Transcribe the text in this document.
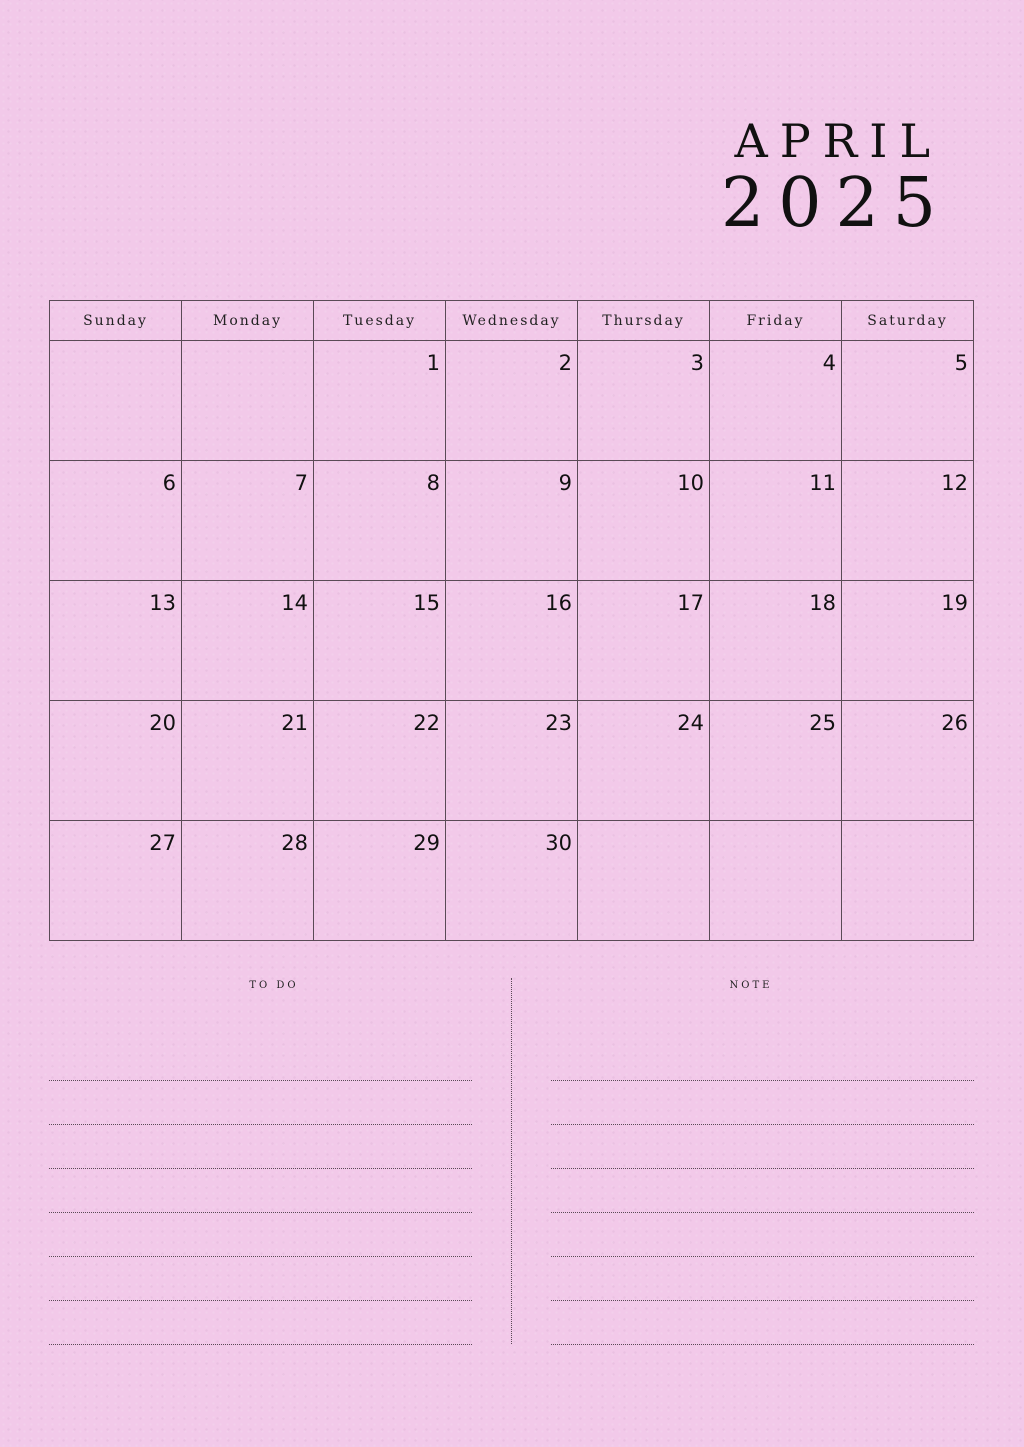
APRIL
2025
Sunday	Monday	Tuesday	Wednesday	Thursday	Friday	Saturday

		1	2	3	4	5

6	7	8	9	10	11	12

13	14	15	16	17	18	19

20	21	22	23	24	25	26

27	28	29	30			

TO DO	NOTE
